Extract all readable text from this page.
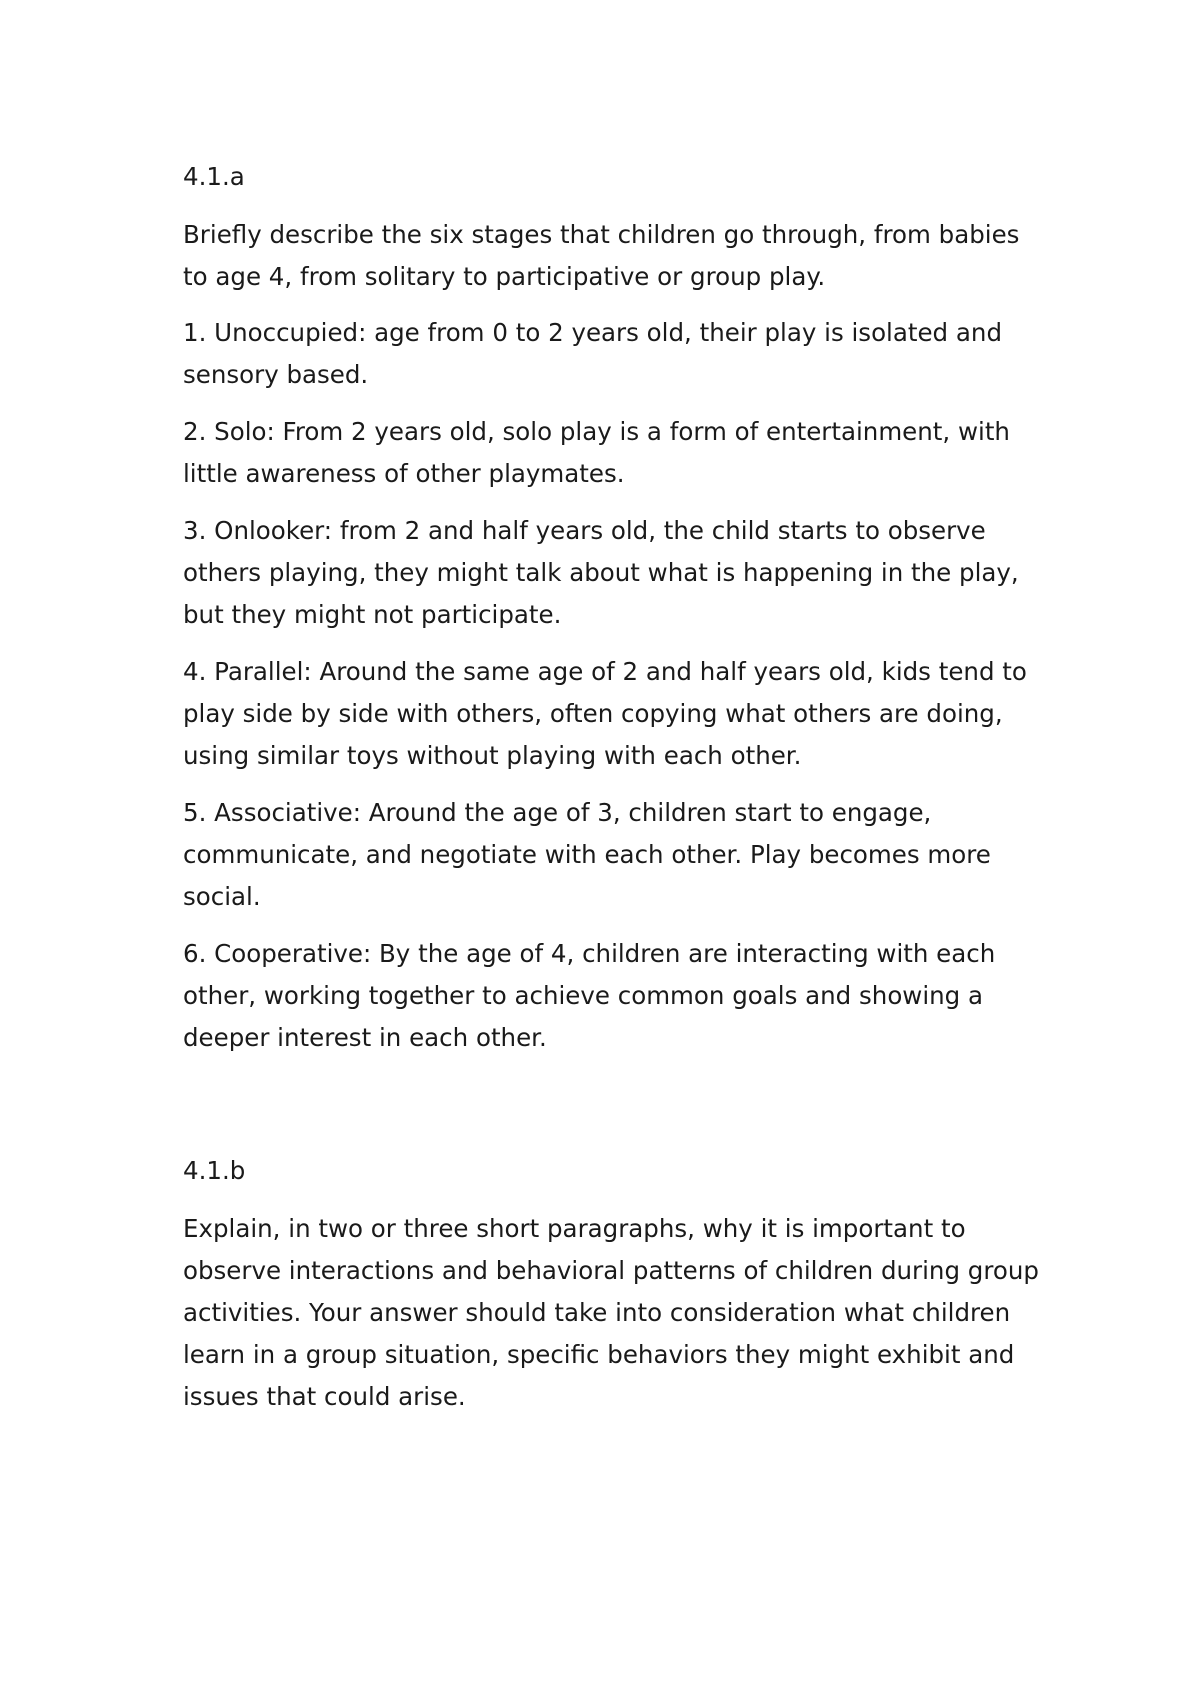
4.1.a

Briefly describe the six stages that children go through, from babies to age 4, from solitary to participative or group play.

1. Unoccupied: age from 0 to 2 years old, their play is isolated and sensory based.

2. Solo: From 2 years old, solo play is a form of entertainment, with little awareness of other playmates.

3. Onlooker: from 2 and half years old, the child starts to observe others playing, they might talk about what is happening in the play, but they might not participate.

4. Parallel: Around the same age of 2 and half years old, kids tend to play side by side with others, often copying what others are doing, using similar toys without playing with each other.

5. Associative: Around the age of 3, children start to engage, communicate, and negotiate with each other. Play becomes more social.

6. Cooperative: By the age of 4, children are interacting with each other, working together to achieve common goals and showing a deeper interest in each other.

4.1.b

Explain, in two or three short paragraphs, why it is important to observe interactions and behavioral patterns of children during group activities. Your answer should take into consideration what children learn in a group situation, specific behaviors they might exhibit and issues that could arise.
